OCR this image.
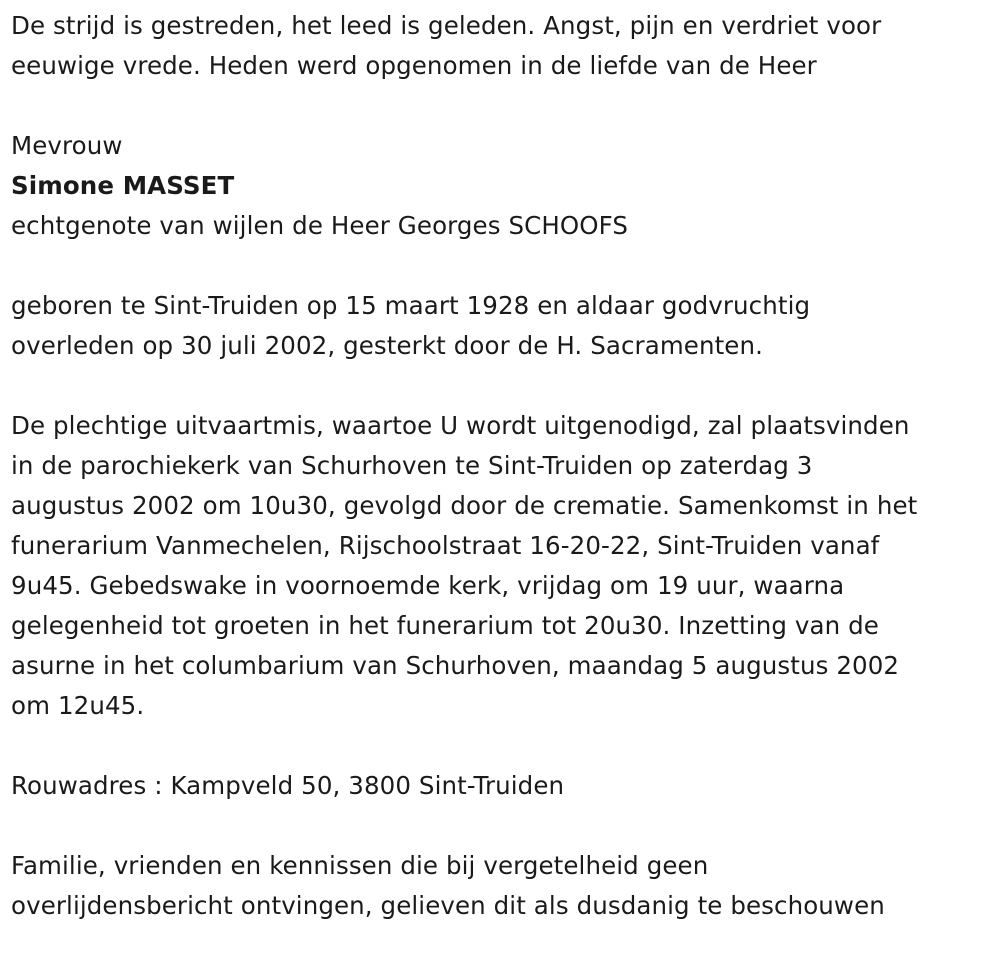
De strijd is gestreden, het leed is geleden. Angst, pijn en verdriet voor
eeuwige vrede. Heden werd opgenomen in de liefde van de Heer
Mevrouw
Simone MASSET
echtgenote van wijlen de Heer Georges SCHOOFS
geboren te Sint-Truiden op 15 maart 1928 en aldaar godvruchtig
overleden op 30 juli 2002, gesterkt door de H. Sacramenten.
De plechtige uitvaartmis, waartoe U wordt uitgenodigd, zal plaatsvinden
in de parochiekerk van Schurhoven te Sint-Truiden op zaterdag 3
augustus 2002 om 10u30, gevolgd door de crematie. Samenkomst in het
funerarium Vanmechelen, Rijschoolstraat 16-20-22, Sint-Truiden vanaf
9u45. Gebedswake in voornoemde kerk, vrijdag om 19 uur, waarna
gelegenheid tot groeten in het funerarium tot 20u30. Inzetting van de
asurne in het columbarium van Schurhoven, maandag 5 augustus 2002
om 12u45.
Rouwadres : Kampveld 50, 3800 Sint-Truiden
Familie, vrienden en kennissen die bij vergetelheid geen
overlijdensbericht ontvingen, gelieven dit als dusdanig te beschouwen
